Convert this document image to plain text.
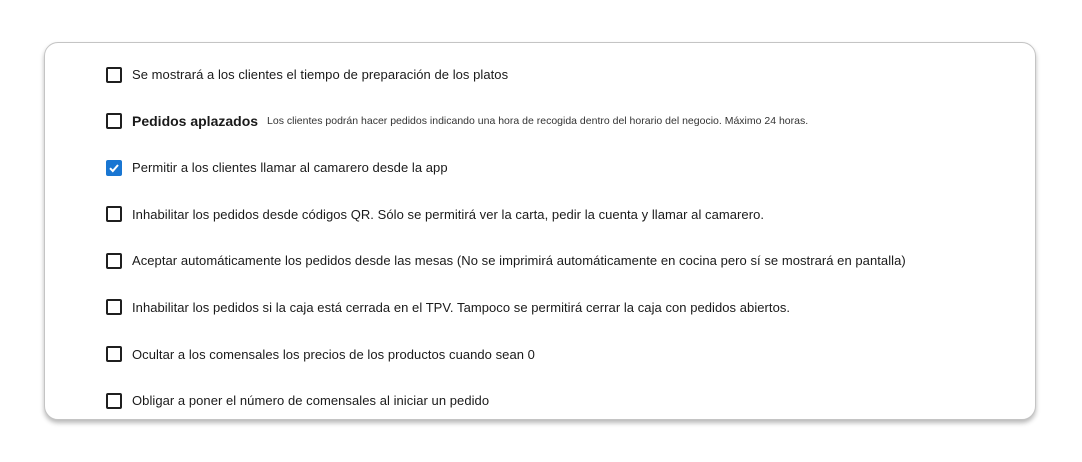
Se mostrará a los clientes el tiempo de preparación de los platos
Pedidos aplazados Los clientes podrán hacer pedidos indicando una hora de recogida dentro del horario del negocio. Máximo 24 horas.
Permitir a los clientes llamar al camarero desde la app
Inhabilitar los pedidos desde códigos QR. Sólo se permitirá ver la carta, pedir la cuenta y llamar al camarero.
Aceptar automáticamente los pedidos desde las mesas (No se imprimirá automáticamente en cocina pero sí se mostrará en pantalla)
Inhabilitar los pedidos si la caja está cerrada en el TPV. Tampoco se permitirá cerrar la caja con pedidos abiertos.
Ocultar a los comensales los precios de los productos cuando sean 0
Obligar a poner el número de comensales al iniciar un pedido
